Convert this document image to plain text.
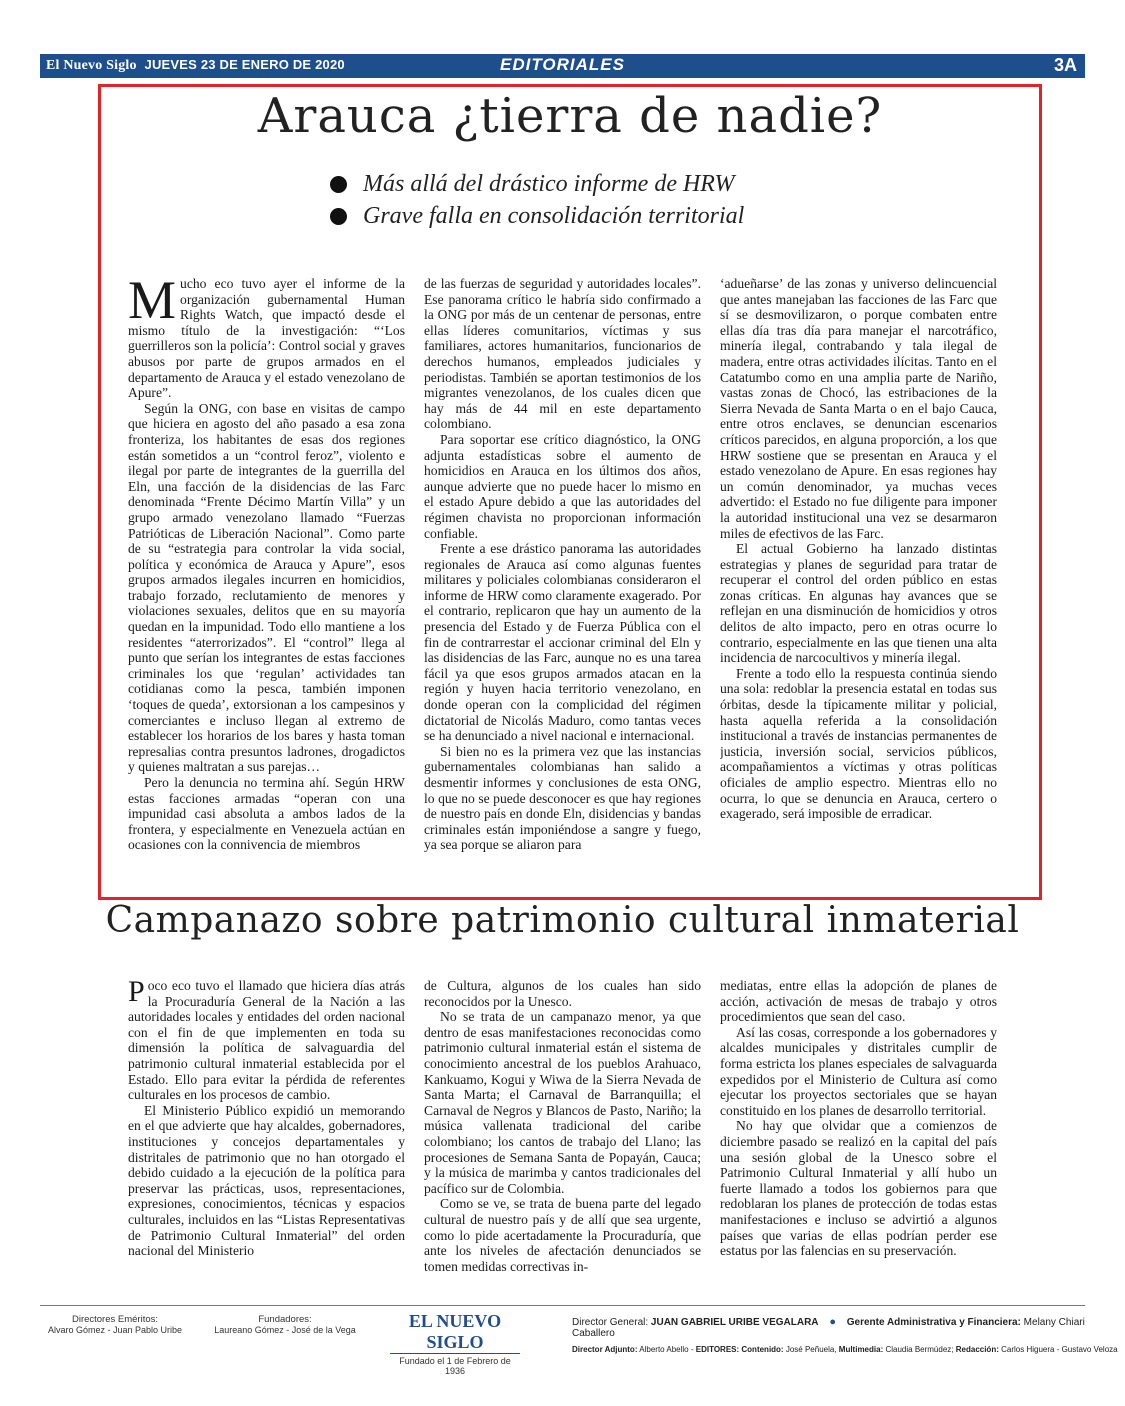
El Nuevo Siglo JUEVES 23 DE ENERO DE 2020	EDITORIALES	3A
Arauca ¿tierra de nadie?
Más allá del drástico informe de HRW
Grave falla en consolidación territorial

Mucho eco tuvo ayer el informe de la organización gubernamental Human Rights Watch, que impactó desde el mismo título de la investigación: “‘Los guerrilleros son la policía’: Control social y graves abusos por parte de grupos armados en el departamento de Arauca y el estado venezolano de Apure”.

Según la ONG, con base en visitas de campo que hiciera en agosto del año pasado a esa zona fronteriza, los habitantes de esas dos regiones están sometidos a un “control feroz”, violento e ilegal por parte de integrantes de la guerrilla del Eln, una facción de la disidencias de las Farc denominada “Frente Décimo Martín Villa” y un grupo armado venezolano llamado “Fuerzas Patrióticas de Liberación Nacional”. Como parte de su “estrategia para controlar la vida social, política y económica de Arauca y Apure”, esos grupos armados ilegales incurren en homicidios, trabajo forzado, reclutamiento de menores y violaciones sexuales, delitos que en su mayoría quedan en la impunidad. Todo ello mantiene a los residentes “aterrorizados”. El “control” llega al punto que serían los integrantes de estas facciones criminales los que ‘regulan’ actividades tan cotidianas como la pesca, también imponen ‘toques de queda’, extorsionan a los campesinos y comerciantes e incluso llegan al extremo de establecer los horarios de los bares y hasta toman represalias contra presuntos ladrones, drogadictos y quienes maltratan a sus parejas…

Pero la denuncia no termina ahí. Según HRW estas facciones armadas “operan con una impunidad casi absoluta a ambos lados de la frontera, y especialmente en Venezuela actúan en ocasiones con la connivencia de miembros

de las fuerzas de seguridad y autoridades locales”. Ese panorama crítico le habría sido confirmado a la ONG por más de un centenar de personas, entre ellas líderes comunitarios, víctimas y sus familiares, actores humanitarios, funcionarios de derechos humanos, empleados judiciales y periodistas. También se aportan testimonios de los migrantes venezolanos, de los cuales dicen que hay más de 44 mil en este departamento colombiano.

Para soportar ese crítico diagnóstico, la ONG adjunta estadísticas sobre el aumento de homicidios en Arauca en los últimos dos años, aunque advierte que no puede hacer lo mismo en el estado Apure debido a que las autoridades del régimen chavista no proporcionan información confiable.

Frente a ese drástico panorama las autoridades regionales de Arauca así como algunas fuentes militares y policiales colombianas consideraron el informe de HRW como claramente exagerado. Por el contrario, replicaron que hay un aumento de la presencia del Estado y de Fuerza Pública con el fin de contrarrestar el accionar criminal del Eln y las disidencias de las Farc, aunque no es una tarea fácil ya que esos grupos armados atacan en la región y huyen hacia territorio venezolano, en donde operan con la complicidad del régimen dictatorial de Nicolás Maduro, como tantas veces se ha denunciado a nivel nacional e internacional.

Si bien no es la primera vez que las instancias gubernamentales colombianas han salido a desmentir informes y conclusiones de esta ONG, lo que no se puede desconocer es que hay regiones de nuestro país en donde Eln, disidencias y bandas criminales están imponiéndose a sangre y fuego, ya sea porque se aliaron para

‘adueñarse’ de las zonas y universo delincuencial que antes manejaban las facciones de las Farc que sí se desmovilizaron, o porque combaten entre ellas día tras día para manejar el narcotráfico, minería ilegal, contrabando y tala ilegal de madera, entre otras actividades ilícitas. Tanto en el Catatumbo como en una amplia parte de Nariño, vastas zonas de Chocó, las estribaciones de la Sierra Nevada de Santa Marta o en el bajo Cauca, entre otros enclaves, se denuncian escenarios críticos parecidos, en alguna proporción, a los que HRW sostiene que se presentan en Arauca y el estado venezolano de Apure. En esas regiones hay un común denominador, ya muchas veces advertido: el Estado no fue diligente para imponer la autoridad institucional una vez se desarmaron miles de efectivos de las Farc.

El actual Gobierno ha lanzado distintas estrategias y planes de seguridad para tratar de recuperar el control del orden público en estas zonas críticas. En algunas hay avances que se reflejan en una disminución de homicidios y otros delitos de alto impacto, pero en otras ocurre lo contrario, especialmente en las que tienen una alta incidencia de narcocultivos y minería ilegal.

Frente a todo ello la respuesta continúa siendo una sola: redoblar la presencia estatal en todas sus órbitas, desde la típicamente militar y policial, hasta aquella referida a la consolidación institucional a través de instancias permanentes de justicia, inversión social, servicios públicos, acompañamientos a víctimas y otras políticas oficiales de amplio espectro. Mientras ello no ocurra, lo que se denuncia en Arauca, certero o exagerado, será imposible de erradicar.

Campanazo sobre patrimonio cultural inmaterial

Poco eco tuvo el llamado que hiciera días atrás la Procuraduría General de la Nación a las autoridades locales y entidades del orden nacional con el fin de que implementen en toda su dimensión la política de salvaguardia del patrimonio cultural inmaterial establecida por el Estado. Ello para evitar la pérdida de referentes culturales en los procesos de cambio.

El Ministerio Público expidió un memorando en el que advierte que hay alcaldes, gobernadores, instituciones y concejos departamentales y distritales de patrimonio que no han otorgado el debido cuidado a la ejecución de la política para preservar las prácticas, usos, representaciones, expresiones, conocimientos, técnicas y espacios culturales, incluidos en las “Listas Representativas de Patrimonio Cultural Inmaterial” del orden nacional del Ministerio

de Cultura, algunos de los cuales han sido reconocidos por la Unesco.

No se trata de un campanazo menor, ya que dentro de esas manifestaciones reconocidas como patrimonio cultural inmaterial están el sistema de conocimiento ancestral de los pueblos Arahuaco, Kankuamo, Kogui y Wiwa de la Sierra Nevada de Santa Marta; el Carnaval de Barranquilla; el Carnaval de Negros y Blancos de Pasto, Nariño; la música vallenata tradicional del caribe colombiano; los cantos de trabajo del Llano; las procesiones de Semana Santa de Popayán, Cauca; y la música de marimba y cantos tradicionales del pacífico sur de Colombia.

Como se ve, se trata de buena parte del legado cultural de nuestro país y de allí que sea urgente, como lo pide acertadamente la Procuraduría, que ante los niveles de afectación denunciados se tomen medidas correctivas in-

mediatas, entre ellas la adopción de planes de acción, activación de mesas de trabajo y otros procedimientos que sean del caso.

Así las cosas, corresponde a los gobernadores y alcaldes municipales y distritales cumplir de forma estricta los planes especiales de salvaguarda expedidos por el Ministerio de Cultura así como ejecutar los proyectos sectoriales que se hayan constituido en los planes de desarrollo territorial.

No hay que olvidar que a comienzos de diciembre pasado se realizó en la capital del país una sesión global de la Unesco sobre el Patrimonio Cultural Inmaterial y allí hubo un fuerte llamado a todos los gobiernos para que redoblaran los planes de protección de todas estas manifestaciones e incluso se advirtió a algunos países que varias de ellas podrían perder ese estatus por las falencias en su preservación.

Directores Eméritos:
Alvaro Gómez - Juan Pablo Uribe
Fundadores:
Laureano Gómez - José de la Vega	EL NUEVO SIGLO
Fundado el 1 de Febrero de 1936
Director General: JUAN GABRIEL URIBE VEGALARA ● Gerente Administrativa y Financiera: Melany Chiari Caballero
Director Adjunto: Alberto Abello - EDITORES: Contenido: José Peñuela, Multimedia: Claudia Bermúdez; Redacción: Carlos Higuera - Gustavo Veloza
